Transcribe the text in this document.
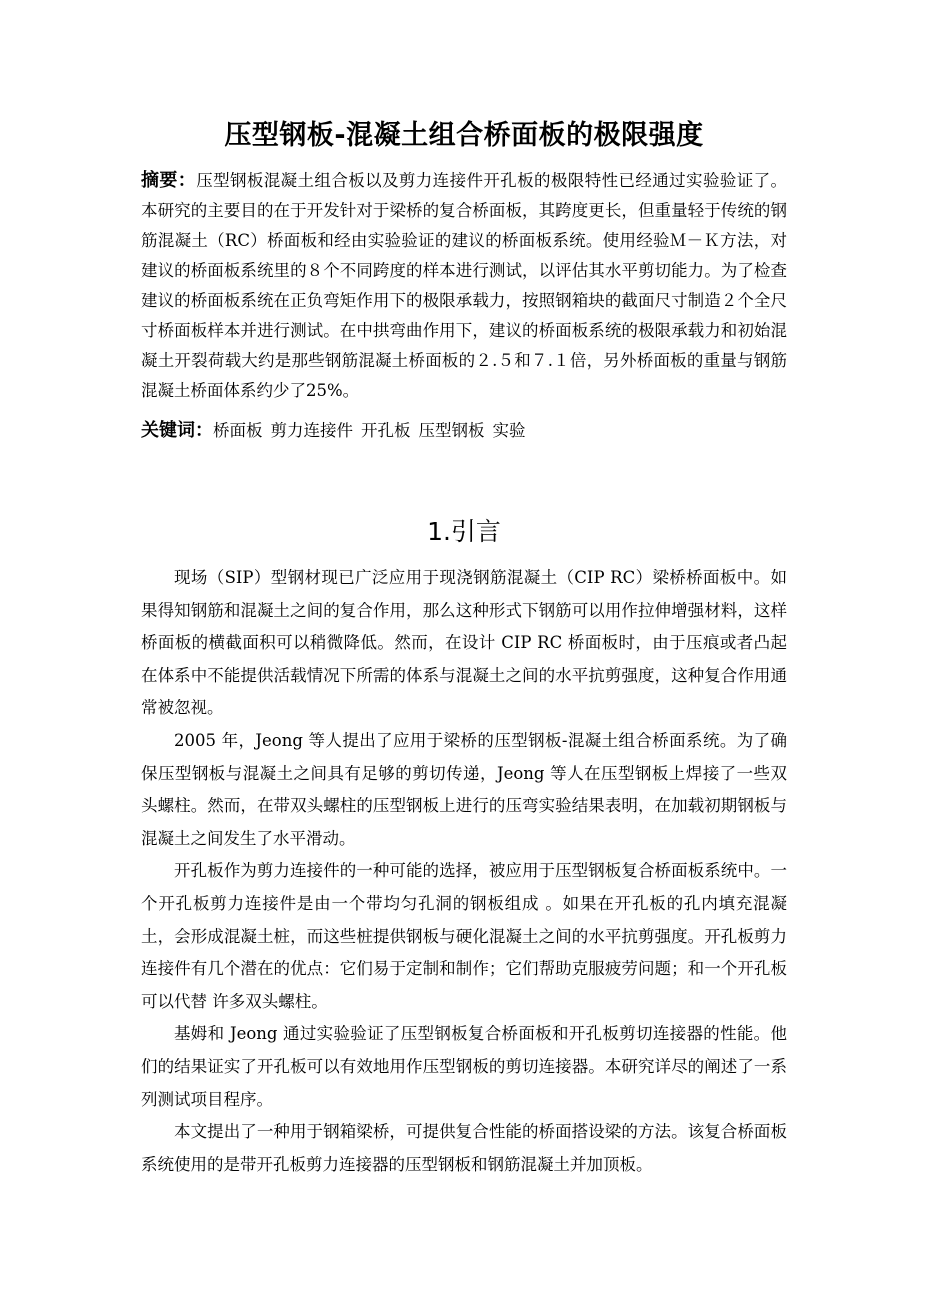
压型钢板-混凝土组合桥面板的极限强度

摘要：压型钢板混凝土组合板以及剪力连接件开孔板的极限特性已经通过实验验证了。本研究的主要目的在于开发针对于梁桥的复合桥面板，其跨度更长，但重量轻于传统的钢筋混凝土（RC）桥面板和经由实验验证的建议的桥面板系统。使用经验Ｍ－Ｋ方法，对建议的桥面板系统里的８个不同跨度的样本进行测试，以评估其水平剪切能力。为了检查建议的桥面板系统在正负弯矩作用下的极限承载力，按照钢箱块的截面尺寸制造２个全尺寸桥面板样本并进行测试。在中拱弯曲作用下，建议的桥面板系统的极限承载力和初始混凝土开裂荷载大约是那些钢筋混凝土桥面板的２.５和７.１倍，另外桥面板的重量与钢筋混凝土桥面体系约少了25%。

关键词：桥面板 剪力连接件 开孔板 压型钢板 实验

1.引言

现场（SIP）型钢材现已广泛应用于现浇钢筋混凝土（CIP RC）梁桥桥面板中。如果得知钢筋和混凝土之间的复合作用，那么这种形式下钢筋可以用作拉伸增强材料，这样桥面板的横截面积可以稍微降低。然而，在设计 CIP RC 桥面板时，由于压痕或者凸起在体系中不能提供活载情况下所需的体系与混凝土之间的水平抗剪强度，这种复合作用通常被忽视。

2005 年，Jeong 等人提出了应用于梁桥的压型钢板-混凝土组合桥面系统。为了确保压型钢板与混凝土之间具有足够的剪切传递，Jeong 等人在压型钢板上焊接了一些双头螺柱。然而，在带双头螺柱的压型钢板上进行的压弯实验结果表明，在加载初期钢板与混凝土之间发生了水平滑动。

开孔板作为剪力连接件的一种可能的选择，被应用于压型钢板复合桥面板系统中。一个开孔板剪力连接件是由一个带均匀孔洞的钢板组成 。如果在开孔板的孔内填充混凝土，会形成混凝土桩，而这些桩提供钢板与硬化混凝土之间的水平抗剪强度。开孔板剪力连接件有几个潜在的优点：它们易于定制和制作；它们帮助克服疲劳问题；和一个开孔板可以代替 许多双头螺柱。

基姆和 Jeong 通过实验验证了压型钢板复合桥面板和开孔板剪切连接器的性能。他们的结果证实了开孔板可以有效地用作压型钢板的剪切连接器。本研究详尽的阐述了一系列测试项目程序。

本文提出了一种用于钢箱梁桥，可提供复合性能的桥面搭设梁的方法。该复合桥面板系统使用的是带开孔板剪力连接器的压型钢板和钢筋混凝土并加顶板。
